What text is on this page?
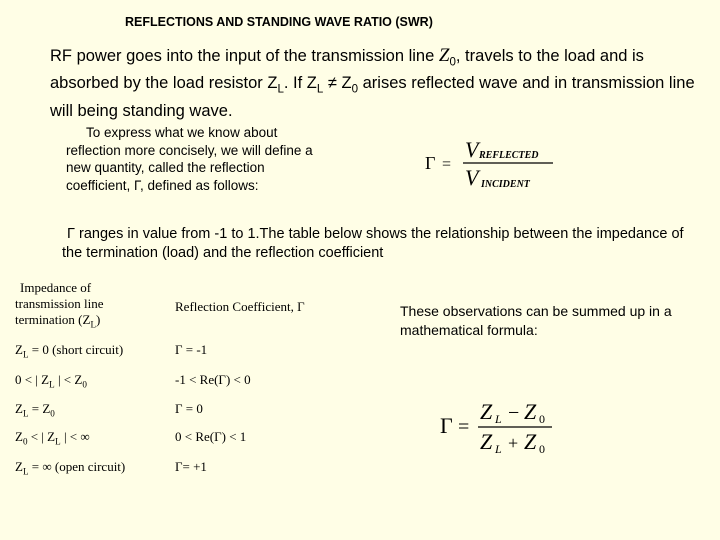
REFLECTIONS AND STANDING WAVE RATIO (SWR)
RF power goes into the input of the transmission line $Z_0$, travels to the load and is absorbed by the load resistor $Z_L$. If $Z_L \ne Z_0$ arises reflected wave and in transmission line will being standing wave.
To express what we know about reflection more concisely, we will define a new quantity, called the reflection coefficient, Γ, defined as follows:
Γ =
V REFLECTED
V INCIDENT
Γ ranges in value from -1 to 1.The table below shows the relationship between the impedance of the termination (load) and the reflection coefficient
Impedance of
transmission line
termination $(Z_L)$	Reflection Coefficient, Γ
$Z_L = 0$ (short circuit)	Γ = -1
0 < | $Z_L$ | < $Z_0$	-1 < Re(Γ) < 0
$Z_L = Z_0$	Γ = 0
$Z_0$ < | $Z_L$ | < ∞	0 < Re(Γ) < 1
$Z_L$ = ∞ (open circuit)	Γ= +1
These observations can be summed up in a mathematical formula:
Γ =
Z L − Z 0
Z L + Z 0
